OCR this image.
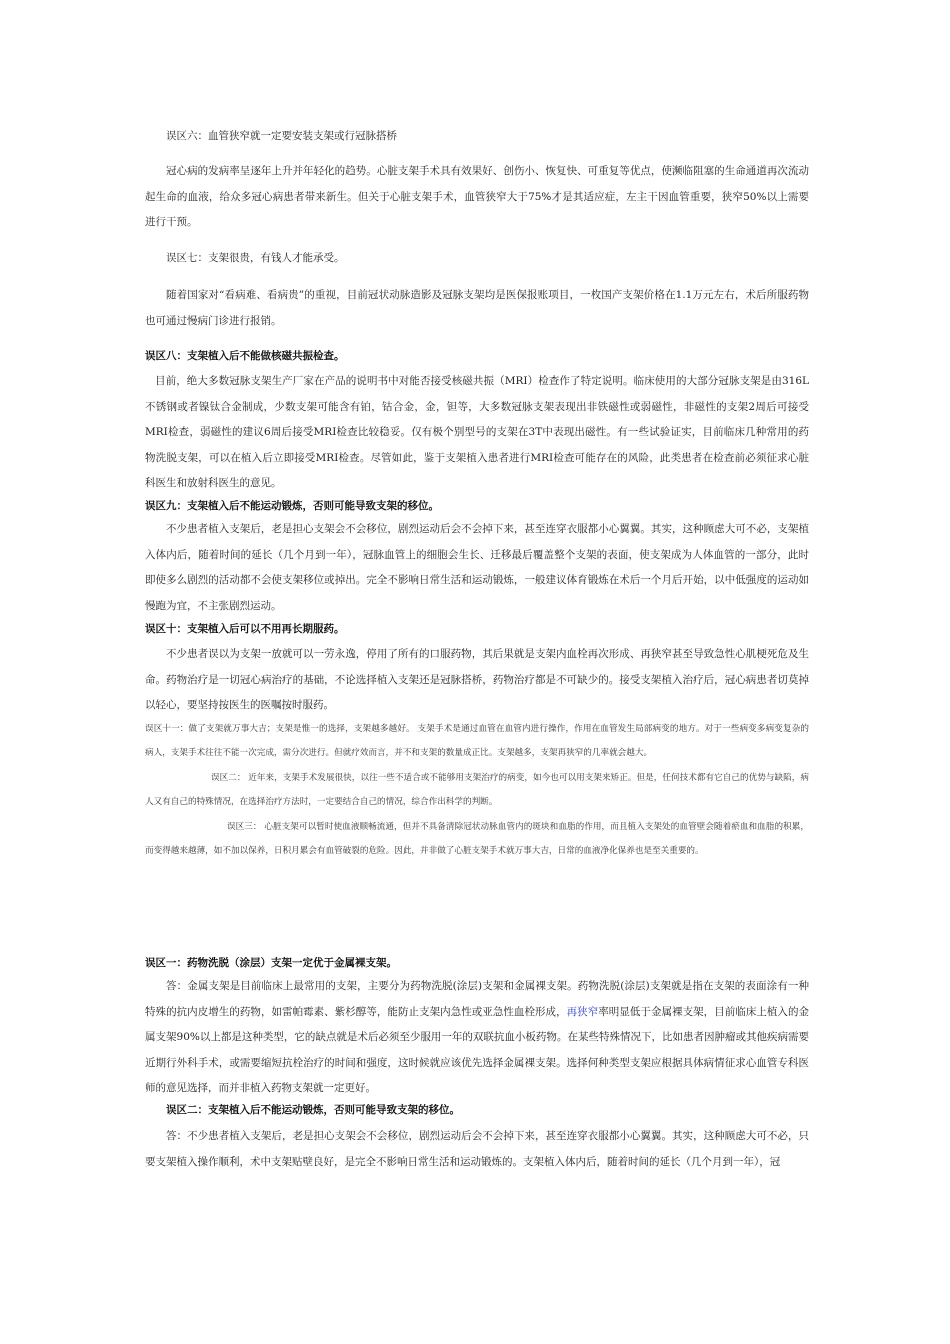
误区六：血管狭窄就一定要安装支架或行冠脉搭桥

冠心病的发病率呈逐年上升并年轻化的趋势。心脏支架手术具有效果好、创伤小、恢复快、可重复等优点，使濒临阻塞的生命通道再次流动起生命的血液，给众多冠心病患者带来新生。但关于心脏支架手术，血管狭窄大于75%才是其适应症，左主干因血管重要，狭窄50%以上需要进行干预。

误区七：支架很贵，有钱人才能承受。

随着国家对“看病难、看病贵”的重视，目前冠状动脉造影及冠脉支架均是医保报账项目，一枚国产支架价格在1.1万元左右，术后所服药物也可通过慢病门诊进行报销。

误区八：支架植入后不能做核磁共振检查。

目前，绝大多数冠脉支架生产厂家在产品的说明书中对能否接受核磁共振（MRI）检查作了特定说明。临床使用的大部分冠脉支架是由316L不锈钢或者镍钛合金制成，少数支架可能含有铂，钴合金，金，钽等，大多数冠脉支架表现出非铁磁性或弱磁性，非磁性的支架2周后可接受MRI检查，弱磁性的建议6周后接受MRI检查比较稳妥。仅有极个别型号的支架在3T中表现出磁性。有一些试验证实，目前临床几种常用的药物洗脱支架，可以在植入后立即接受MRI检查。尽管如此，鉴于支架植入患者进行MRI检查可能存在的风险，此类患者在检查前必须征求心脏科医生和放射科医生的意见。

误区九：支架植入后不能运动锻炼，否则可能导致支架的移位。

不少患者植入支架后，老是担心支架会不会移位，剧烈运动后会不会掉下来，甚至连穿衣服都小心翼翼。其实，这种顾虑大可不必，支架植入体内后，随着时间的延长（几个月到一年），冠脉血管上的细胞会生长、迁移最后覆盖整个支架的表面，使支架成为人体血管的一部分，此时即使多么剧烈的活动都不会使支架移位或掉出。完全不影响日常生活和运动锻炼，一般建议体育锻炼在术后一个月后开始，以中低强度的运动如慢跑为宜，不主张剧烈运动。

误区十：支架植入后可以不用再长期服药。

不少患者误以为支架一放就可以一劳永逸，停用了所有的口服药物，其后果就是支架内血栓再次形成、再狭窄甚至导致急性心肌梗死危及生命。药物治疗是一切冠心病治疗的基础，不论选择植入支架还是冠脉搭桥，药物治疗都是不可缺少的。接受支架植入治疗后，冠心病患者切莫掉以轻心，要坚持按医生的医嘱按时服药。

误区十一：做了支架就万事大吉；支架是惟一的选择，支架越多越好。 支架手术是通过血管在血管内进行操作，作用在血管发生局部病变的地方。对于一些病变多病变复杂的病人，支架手术往往不能一次完成，需分次进行。但就疗效而言，并不和支架的数量成正比。支架越多，支架再狭窄的几率就会越大。

误区二： 近年来，支架手术发展很快，以往一些不适合或不能够用支架治疗的病变，如今也可以用支架来矫正。但是，任何技术都有它自己的优势与缺陷，病人又有自己的特殊情况，在选择治疗方法时，一定要结合自己的情况，综合作出科学的判断。

误区三： 心脏支架可以暂时使血液顺畅流通，但并不具备清除冠状动脉血管内的斑块和血脂的作用，而且植入支架处的血管壁会随着瘀血和血脂的积累，而变得越来越薄，如不加以保养，日积月累会有血管破裂的危险。因此，并非做了心脏支架手术就万事大吉，日常的血液净化保养也是至关重要的。

误区一：药物洗脱（涂层）支架一定优于金属裸支架。

答：金属支架是目前临床上最常用的支架，主要分为药物洗脱(涂层)支架和金属裸支架。药物洗脱(涂层)支架就是指在支架的表面涂有一种特殊的抗内皮增生的药物，如雷帕霉素、紫杉醇等，能防止支架内急性或亚急性血栓形成，再狭窄率明显低于金属裸支架，目前临床上植入的金属支架90%以上都是这种类型，它的缺点就是术后必须至少服用一年的双联抗血小板药物。在某些特殊情况下，比如患者因肿瘤或其他疾病需要近期行外科手术，或需要缩短抗栓治疗的时间和强度，这时候就应该优先选择金属裸支架。选择何种类型支架应根据具体病情征求心血管专科医师的意见选择，而并非植入药物支架就一定更好。

误区二：支架植入后不能运动锻炼，否则可能导致支架的移位。

答：不少患者植入支架后，老是担心支架会不会移位，剧烈运动后会不会掉下来，甚至连穿衣服都小心翼翼。其实，这种顾虑大可不必，只要支架植入操作顺利，术中支架贴壁良好，是完全不影响日常生活和运动锻炼的。支架植入体内后，随着时间的延长（几个月到一年），冠
